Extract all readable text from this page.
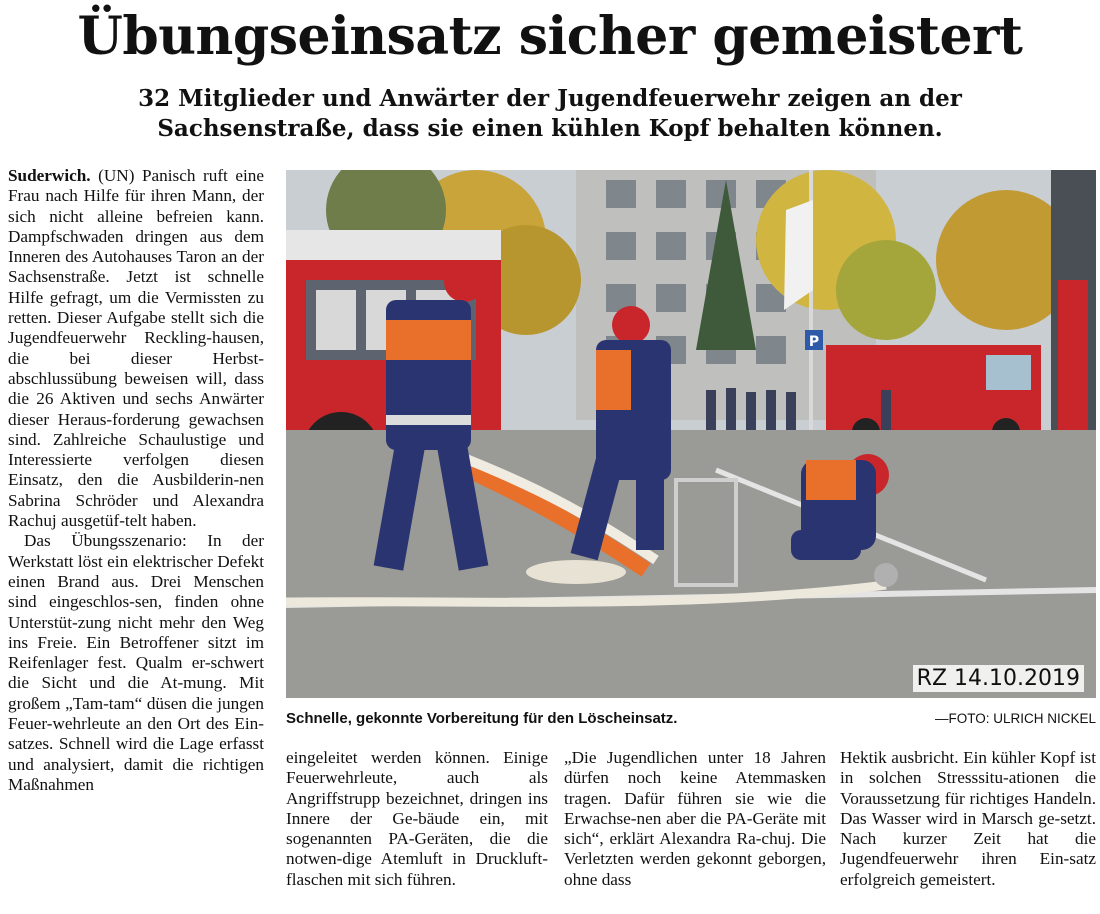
Übungseinsatz sicher gemeistert
32 Mitglieder und Anwärter der Jugendfeuerwehr zeigen an der Sachsenstraße, dass sie einen kühlen Kopf behalten können.

Suderwich. (UN) Panisch ruft eine Frau nach Hilfe für ihren Mann, der sich nicht alleine befreien kann. Dampfschwaden dringen aus dem Inneren des Autohauses Taron an der Sachsenstraße. Jetzt ist schnelle Hilfe gefragt, um die Vermissten zu retten. Dieser Aufgabe stellt sich die Jugendfeuerwehr Reckling-hausen, die bei dieser Herbst-abschlussübung beweisen will, dass die 26 Aktiven und sechs Anwärter dieser Heraus-forderung gewachsen sind. Zahlreiche Schaulustige und Interessierte verfolgen diesen Einsatz, den die Ausbilderin-nen Sabrina Schröder und Alexandra Rachuj ausgetüf-telt haben.

Das Übungsszenario: In der Werkstatt löst ein elektrischer Defekt einen Brand aus. Drei Menschen sind eingeschlos-sen, finden ohne Unterstüt-zung nicht mehr den Weg ins Freie. Ein Betroffener sitzt im Reifenlager fest. Qualm er-schwert die Sicht und die At-mung. Mit großem „Tam-tam“ düsen die jungen Feuer-wehrleute an den Ort des Ein-satzes. Schnell wird die Lage erfasst und analysiert, damit die richtigen Maßnahmen

P
RZ 14.10.2019
Schnelle, gekonnte Vorbereitung für den Löscheinsatz.	—FOTO: ULRICH NICKEL

eingeleitet werden können. Einige Feuerwehrleute, auch als Angriffstrupp bezeichnet, dringen ins Innere der Ge-bäude ein, mit sogenannten PA-Geräten, die die notwen-dige Atemluft in Druckluft-flaschen mit sich führen.

„Die Jugendlichen unter 18 Jahren dürfen noch keine Atemmasken tragen. Dafür führen sie wie die Erwachse-nen aber die PA-Geräte mit sich“, erklärt Alexandra Ra-chuj. Die Verletzten werden gekonnt geborgen, ohne dass

Hektik ausbricht. Ein kühler Kopf ist in solchen Stresssitu-ationen die Voraussetzung für richtiges Handeln. Das Wasser wird in Marsch ge-setzt. Nach kurzer Zeit hat die Jugendfeuerwehr ihren Ein-satz erfolgreich gemeistert.
